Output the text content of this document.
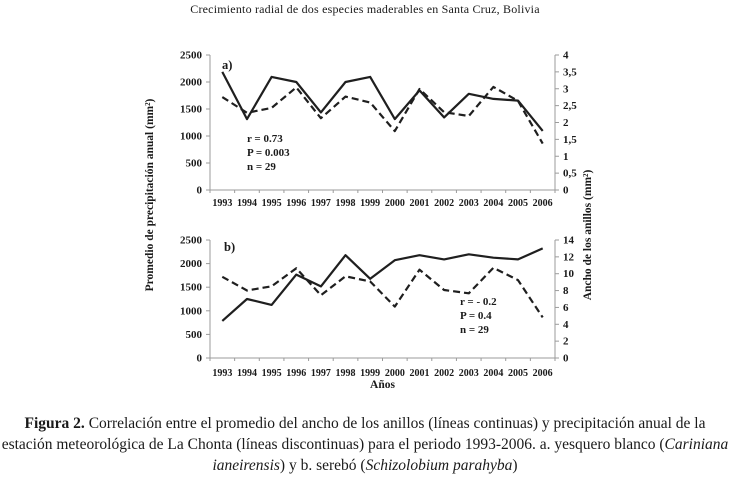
Crecimiento radial de dos especies maderables en Santa Cruz, Bolivia
Promedio de precipitación anual (mm²)	Ancho de los anillos (mm²)
0
500
1000
1500
2000
2500
0
0,5
1
1,5
2
2,5
3
3,5
4
1993 1994 1995 1996 1997 1998 1999 2000 2001 2002 2003 2004 2005 2006
a)
r = 0.73
P = 0.003
n = 29
0
500
1000
1500
2000
2500
0
2
4
6
8
10
12
14
1993 1994 1995 1996 1997 1998 1999 2000 2001 2002 2003 2004 2005 2006
Años
b)
r = - 0.2
P = 0.4
n = 29

Figura 2. Correlación entre el promedio del ancho de los anillos (líneas continuas) y precipitación anual de la estación meteorológica de La Chonta (líneas discontinuas) para el periodo 1993-2006. a. yesquero blanco (Cariniana ianeirensis) y b. serebó (Schizolobium parahyba)
